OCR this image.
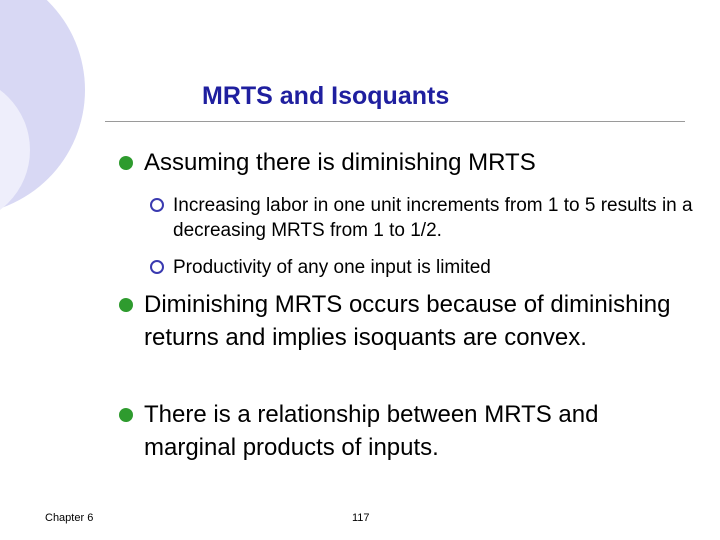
MRTS and Isoquants
Assuming there is diminishing MRTS
Increasing labor in one unit increments from 1 to 5 results in a decreasing MRTS from 1 to 1/2.
Productivity of any one input is limited
Diminishing MRTS occurs because of diminishing returns and implies isoquants are convex.
There is a relationship between MRTS and marginal products of inputs.
Chapter 6	117
